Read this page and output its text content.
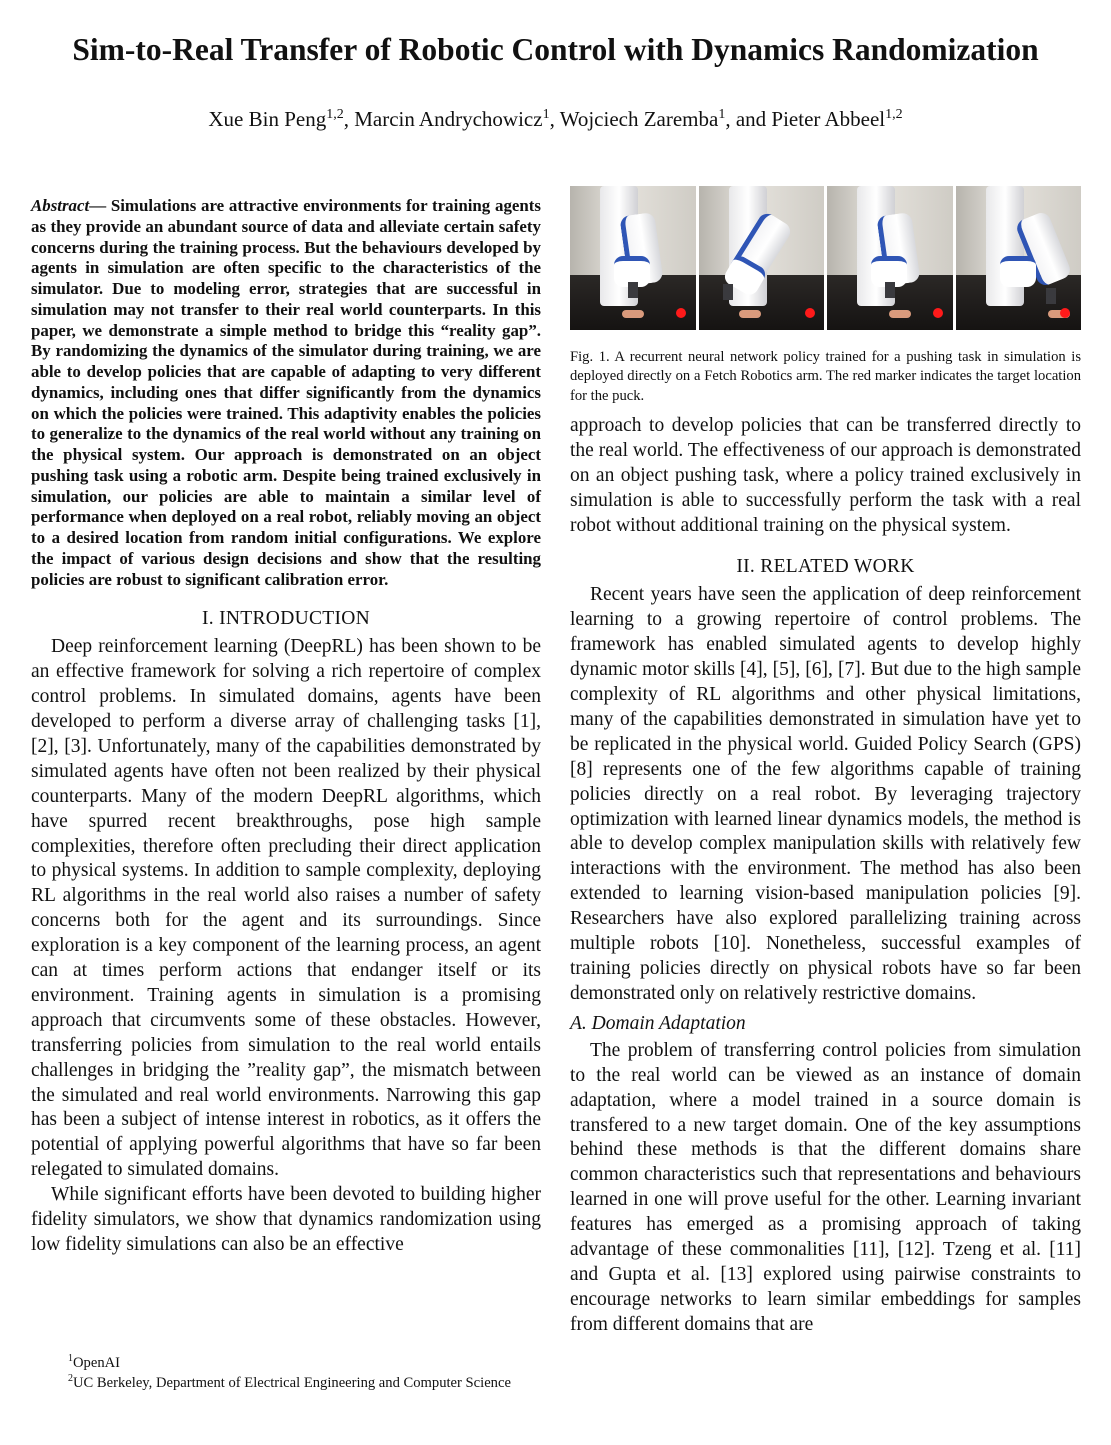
Sim-to-Real Transfer of Robotic Control with Dynamics Randomization
Xue Bin Peng$^{1,2}$, Marcin Andrychowicz$^1$, Wojciech Zaremba$^1$, and Pieter Abbeel$^{1,2}$

Abstract— Simulations are attractive environments for training agents as they provide an abundant source of data and alleviate certain safety concerns during the training process. But the behaviours developed by agents in simulation are often specific to the characteristics of the simulator. Due to modeling error, strategies that are successful in simulation may not transfer to their real world counterparts. In this paper, we demonstrate a simple method to bridge this “reality gap”. By randomizing the dynamics of the simulator during training, we are able to develop policies that are capable of adapting to very different dynamics, including ones that differ significantly from the dynamics on which the policies were trained. This adaptivity enables the policies to generalize to the dynamics of the real world without any training on the physical system. Our approach is demonstrated on an object pushing task using a robotic arm. Despite being trained exclusively in simulation, our policies are able to maintain a similar level of performance when deployed on a real robot, reliably moving an object to a desired location from random initial configurations. We explore the impact of various design decisions and show that the resulting policies are robust to significant calibration error.

I. INTRODUCTION

Deep reinforcement learning (DeepRL) has been shown to be an effective framework for solving a rich repertoire of complex control problems. In simulated domains, agents have been developed to perform a diverse array of challenging tasks [1], [2], [3]. Unfortunately, many of the capabilities demonstrated by simulated agents have often not been realized by their physical counterparts. Many of the modern DeepRL algorithms, which have spurred recent breakthroughs, pose high sample complexities, therefore often precluding their direct application to physical systems. In addition to sample complexity, deploying RL algorithms in the real world also raises a number of safety concerns both for the agent and its surroundings. Since exploration is a key component of the learning process, an agent can at times perform actions that endanger itself or its environment. Training agents in simulation is a promising approach that circumvents some of these obstacles. However, transferring policies from simulation to the real world entails challenges in bridging the ”reality gap”, the mismatch between the simulated and real world environments. Narrowing this gap has been a subject of intense interest in robotics, as it offers the potential of applying powerful algorithms that have so far been relegated to simulated domains.

While significant efforts have been devoted to building higher fidelity simulators, we show that dynamics randomization using low fidelity simulations can also be an effective

$^1$OpenAI

$^2$UC Berkeley, Department of Electrical Engineering and Computer Science

Fig. 1. A recurrent neural network policy trained for a pushing task in simulation is deployed directly on a Fetch Robotics arm. The red marker indicates the target location for the puck.

approach to develop policies that can be transferred directly to the real world. The effectiveness of our approach is demonstrated on an object pushing task, where a policy trained exclusively in simulation is able to successfully perform the task with a real robot without additional training on the physical system.

II. RELATED WORK

Recent years have seen the application of deep reinforcement learning to a growing repertoire of control problems. The framework has enabled simulated agents to develop highly dynamic motor skills [4], [5], [6], [7]. But due to the high sample complexity of RL algorithms and other physical limitations, many of the capabilities demonstrated in simulation have yet to be replicated in the physical world. Guided Policy Search (GPS) [8] represents one of the few algorithms capable of training policies directly on a real robot. By leveraging trajectory optimization with learned linear dynamics models, the method is able to develop complex manipulation skills with relatively few interactions with the environment. The method has also been extended to learning vision-based manipulation policies [9]. Researchers have also explored parallelizing training across multiple robots [10]. Nonetheless, successful examples of training policies directly on physical robots have so far been demonstrated only on relatively restrictive domains.

A. Domain Adaptation

The problem of transferring control policies from simulation to the real world can be viewed as an instance of domain adaptation, where a model trained in a source domain is transfered to a new target domain. One of the key assumptions behind these methods is that the different domains share common characteristics such that representations and behaviours learned in one will prove useful for the other. Learning invariant features has emerged as a promising approach of taking advantage of these commonalities [11], [12]. Tzeng et al. [11] and Gupta et al. [13] explored using pairwise constraints to encourage networks to learn similar embeddings for samples from different domains that are
